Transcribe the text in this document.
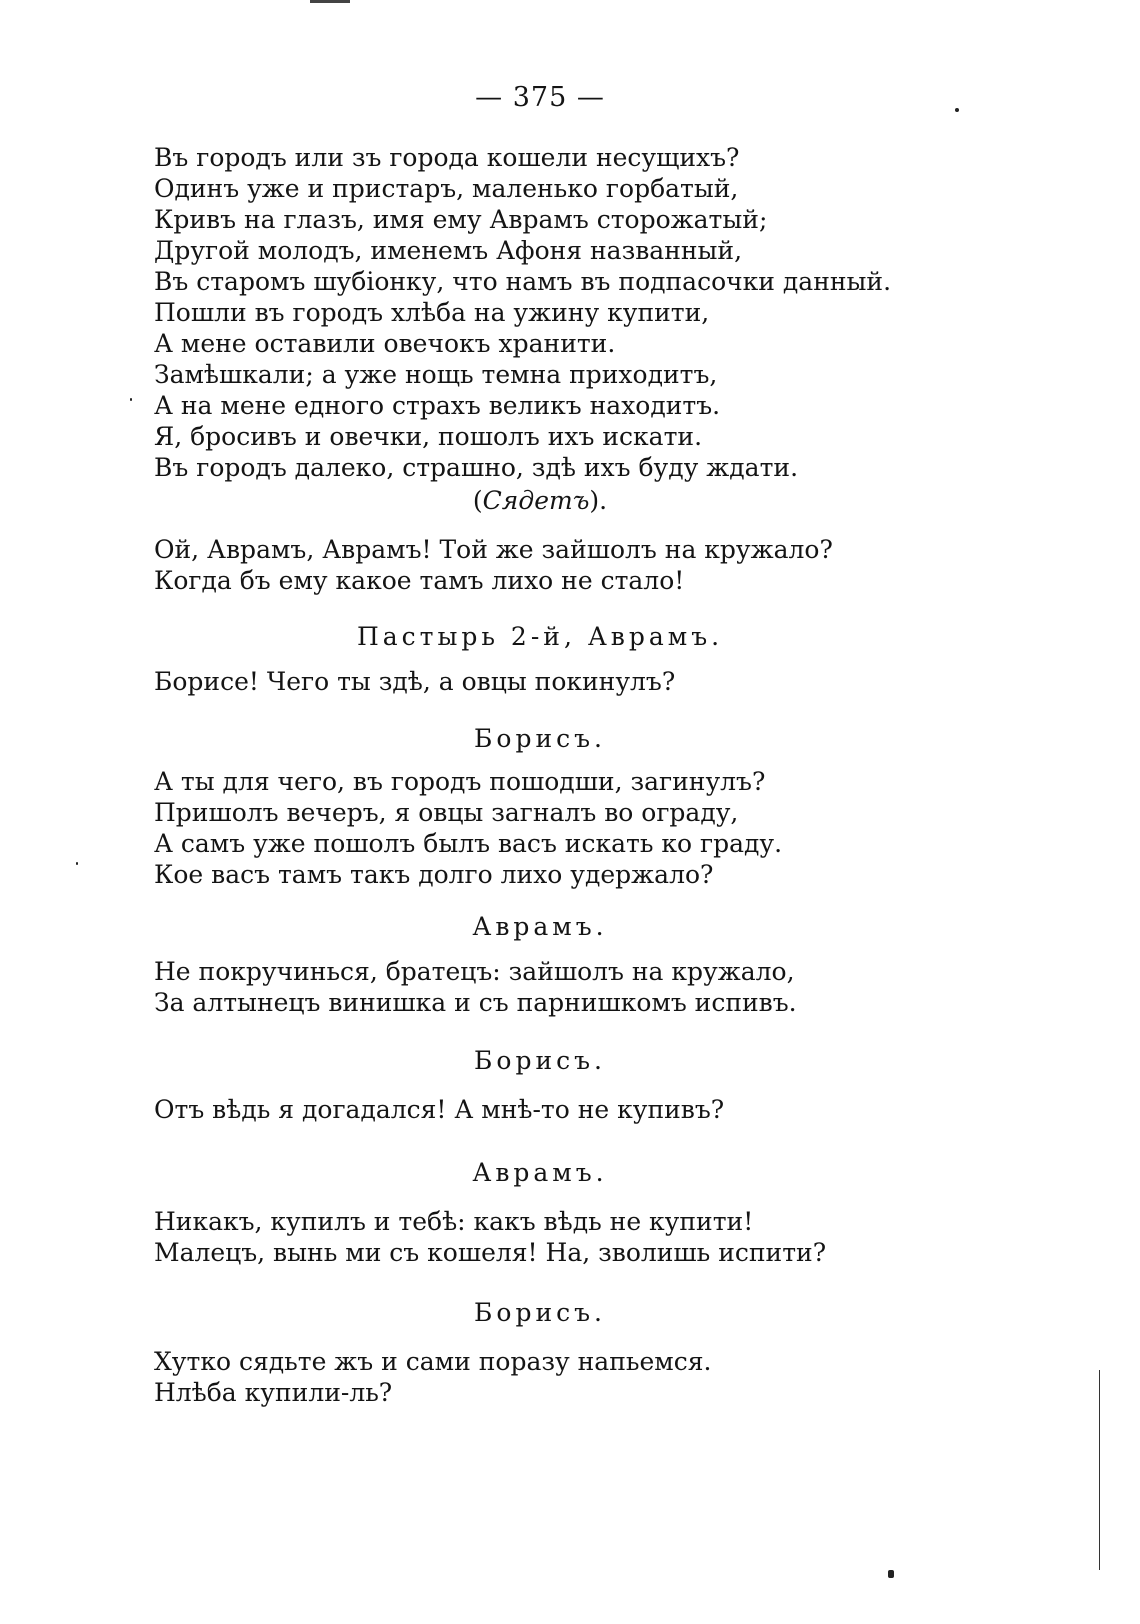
— 375 —
Въ городъ или зъ города кошели несущихъ?
Одинъ уже и пристаръ, маленько горбатый,
Кривъ на глазъ, имя ему Аврамъ сторожатый;
Другой молодъ, именемъ Афоня названный,
Въ старомъ шубiонку, что намъ въ подпасочки данный.
Пошли въ городъ хлѣба на ужину купити,
А мене оставили овечокъ хранити.
Замѣшкали; а уже нощь темна приходитъ,
А на мене едного страхъ великъ находитъ.
Я, бросивъ и овечки, пошолъ ихъ искати.
Въ городъ далеко, страшно, здѣ ихъ буду ждати.
(Сядетъ).
Ой, Аврамъ, Аврамъ! Той же зайшолъ на кружало?
Когда бъ ему какое тамъ лихо не стало!
Пастырь 2-й, Аврамъ.
Борисе! Чего ты здѣ, а овцы покинулъ?
Борисъ.
А ты для чего, въ городъ пошодши, загинулъ?
Пришолъ вечеръ, я овцы загналъ во ограду,
А самъ уже пошолъ былъ васъ искать ко граду.
Кое васъ тамъ такъ долго лихо удержало?
Аврамъ.
Не покручинься, братецъ: зайшолъ на кружало,
За алтынецъ винишка и съ парнишкомъ испивъ.
Борисъ.
Отъ вѣдь я догадался! А мнѣ-то не купивъ?
Аврамъ.
Никакъ, купилъ и тебѣ: какъ вѣдь не купити!
Малецъ, вынь ми съ кошеля! На, зволишь испити?
Борисъ.
Хутко сядьте жъ и сами поразу напьемся.
Нлѣба купили-ль?
